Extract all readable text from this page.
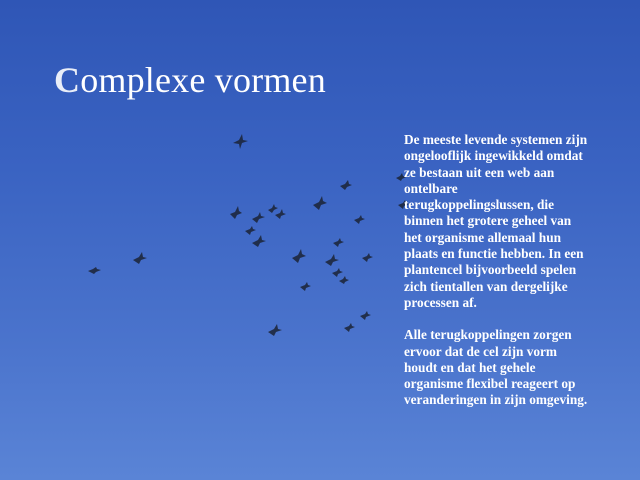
Complexe vormen

De meeste levende systemen zijn
ongelooflijk ingewikkeld omdat
ze bestaan uit een web aan
ontelbare
terugkoppelingslussen, die
binnen het grotere geheel van
het organisme allemaal hun
plaats en functie hebben. In een
plantencel bijvoorbeeld spelen
zich tientallen van dergelijke
processen af.

Alle terugkoppelingen zorgen
ervoor dat de cel zijn vorm
houdt en dat het gehele
organisme flexibel reageert op
veranderingen in zijn omgeving.
